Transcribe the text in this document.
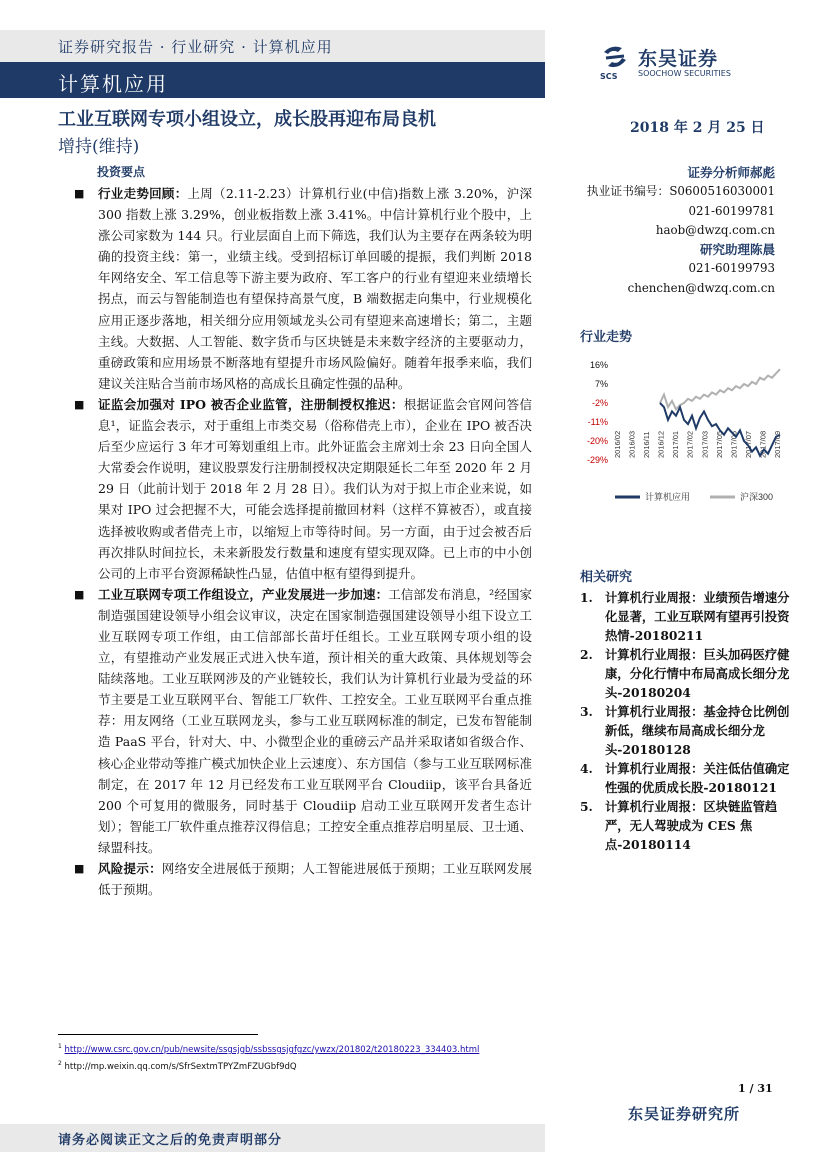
证券研究报告 · 行业研究 · 计算机应用
计算机应用	SCS
东吴证券
SOOCHOW SECURITIES
工业互联网专项小组设立，成长股再迎布局良机
增持(维持)
2018 年 2 月 25 日
投资要点
■ 行业走势回顾：上周（2.11-2.23）计算机行业(中信)指数上涨 3.20%，沪深 300 指数上涨 3.29%，创业板指数上涨 3.41%。中信计算机行业个股中，上涨公司家数为 144 只。行业层面自上而下筛选，我们认为主要存在两条较为明确的投资主线：第一，业绩主线。受到招标订单回暖的提振，我们判断 2018 年网络安全、军工信息等下游主要为政府、军工客户的行业有望迎来业绩增长拐点，而云与智能制造也有望保持高景气度，B 端数据走向集中，行业规模化应用正逐步落地，相关细分应用领域龙头公司有望迎来高速增长；第二，主题主线。大数据、人工智能、数字货币与区块链是未来数字经济的主要驱动力，重磅政策和应用场景不断落地有望提升市场风险偏好。随着年报季来临，我们建议关注贴合当前市场风格的高成长且确定性强的品种。
■ 证监会加强对 IPO 被否企业监管，注册制授权推迟：根据证监会官网问答信息¹，证监会表示，对于重组上市类交易（俗称借壳上市），企业在 IPO 被否决后至少应运行 3 年才可筹划重组上市。此外证监会主席刘士余 23 日向全国人大常委会作说明，建议股票发行注册制授权决定期限延长二年至 2020 年 2 月 29 日（此前计划于 2018 年 2 月 28 日）。我们认为对于拟上市企业来说，如果对 IPO 过会把握不大，可能会选择提前撤回材料（这样不算被否），或直接选择被收购或者借壳上市，以缩短上市等待时间。另一方面，由于过会被否后再次排队时间拉长，未来新股发行数量和速度有望实现双降。已上市的中小创公司的上市平台资源稀缺性凸显，估值中枢有望得到提升。
■ 工业互联网专项工作组设立，产业发展进一步加速：工信部发布消息，²经国家制造强国建设领导小组会议审议，决定在国家制造强国建设领导小组下设立工业互联网专项工作组，由工信部部长苗圩任组长。工业互联网专项小组的设立，有望推动产业发展正式进入快车道，预计相关的重大政策、具体规划等会陆续落地。工业互联网涉及的产业链较长，我们认为计算机行业最为受益的环节主要是工业互联网平台、智能工厂软件、工控安全。工业互联网平台重点推荐：用友网络（工业互联网龙头，参与工业互联网标准的制定，已发布智能制造 PaaS 平台，针对大、中、小微型企业的重磅云产品并采取诸如省级合作、核心企业带动等推广模式加快企业上云速度）、东方国信（参与工业互联网标准制定，在 2017 年 12 月已经发布工业互联网平台 Cloudiip，该平台具备近 200 个可复用的微服务，同时基于 Cloudiip 启动工业互联网开发者生态计划）；智能工厂软件重点推荐汉得信息；工控安全重点推荐启明星辰、卫士通、绿盟科技。
■ 风险提示：网络安全进展低于预期；人工智能进展低于预期；工业互联网发展低于预期。
证券分析师郝彪
执业证书编号：S0600516030001
021-60199781
haob@dwzq.com.cn
研究助理陈晨
021-60199793
chenchen@dwzq.com.cn
行业走势
16%
7%
-2%
-11%
-20%
-29%
2016/02 2016/03 2016/11 2016/12 2017/01 2017/02 2017/03 2017/05 2017/06 2017/07 2017/08 2017/09
计算机应用	沪深300
相关研究
1. 计算机行业周报：业绩预告增速分化显著，工业互联网有望再引投资热情-20180211
2. 计算机行业周报：巨头加码医疗健康，分化行情中布局高成长细分龙头-20180204
3. 计算机行业周报：基金持仓比例创新低，继续布局高成长细分龙头-20180128
4. 计算机行业周报：关注低估值确定性强的优质成长股-20180121
5. 计算机行业周报：区块链监管趋严，无人驾驶成为 CES 焦点-20180114
$^1$ http://www.csrc.gov.cn/pub/newsite/ssgsjgb/ssbssgsjgfgzc/ywzx/201802/t20180223_334403.html
$^2$ http://mp.weixin.qq.com/s/SfrSextmTPYZmFZUGbf9dQ
1 / 31
东吴证券研究所
请务必阅读正文之后的免责声明部分
